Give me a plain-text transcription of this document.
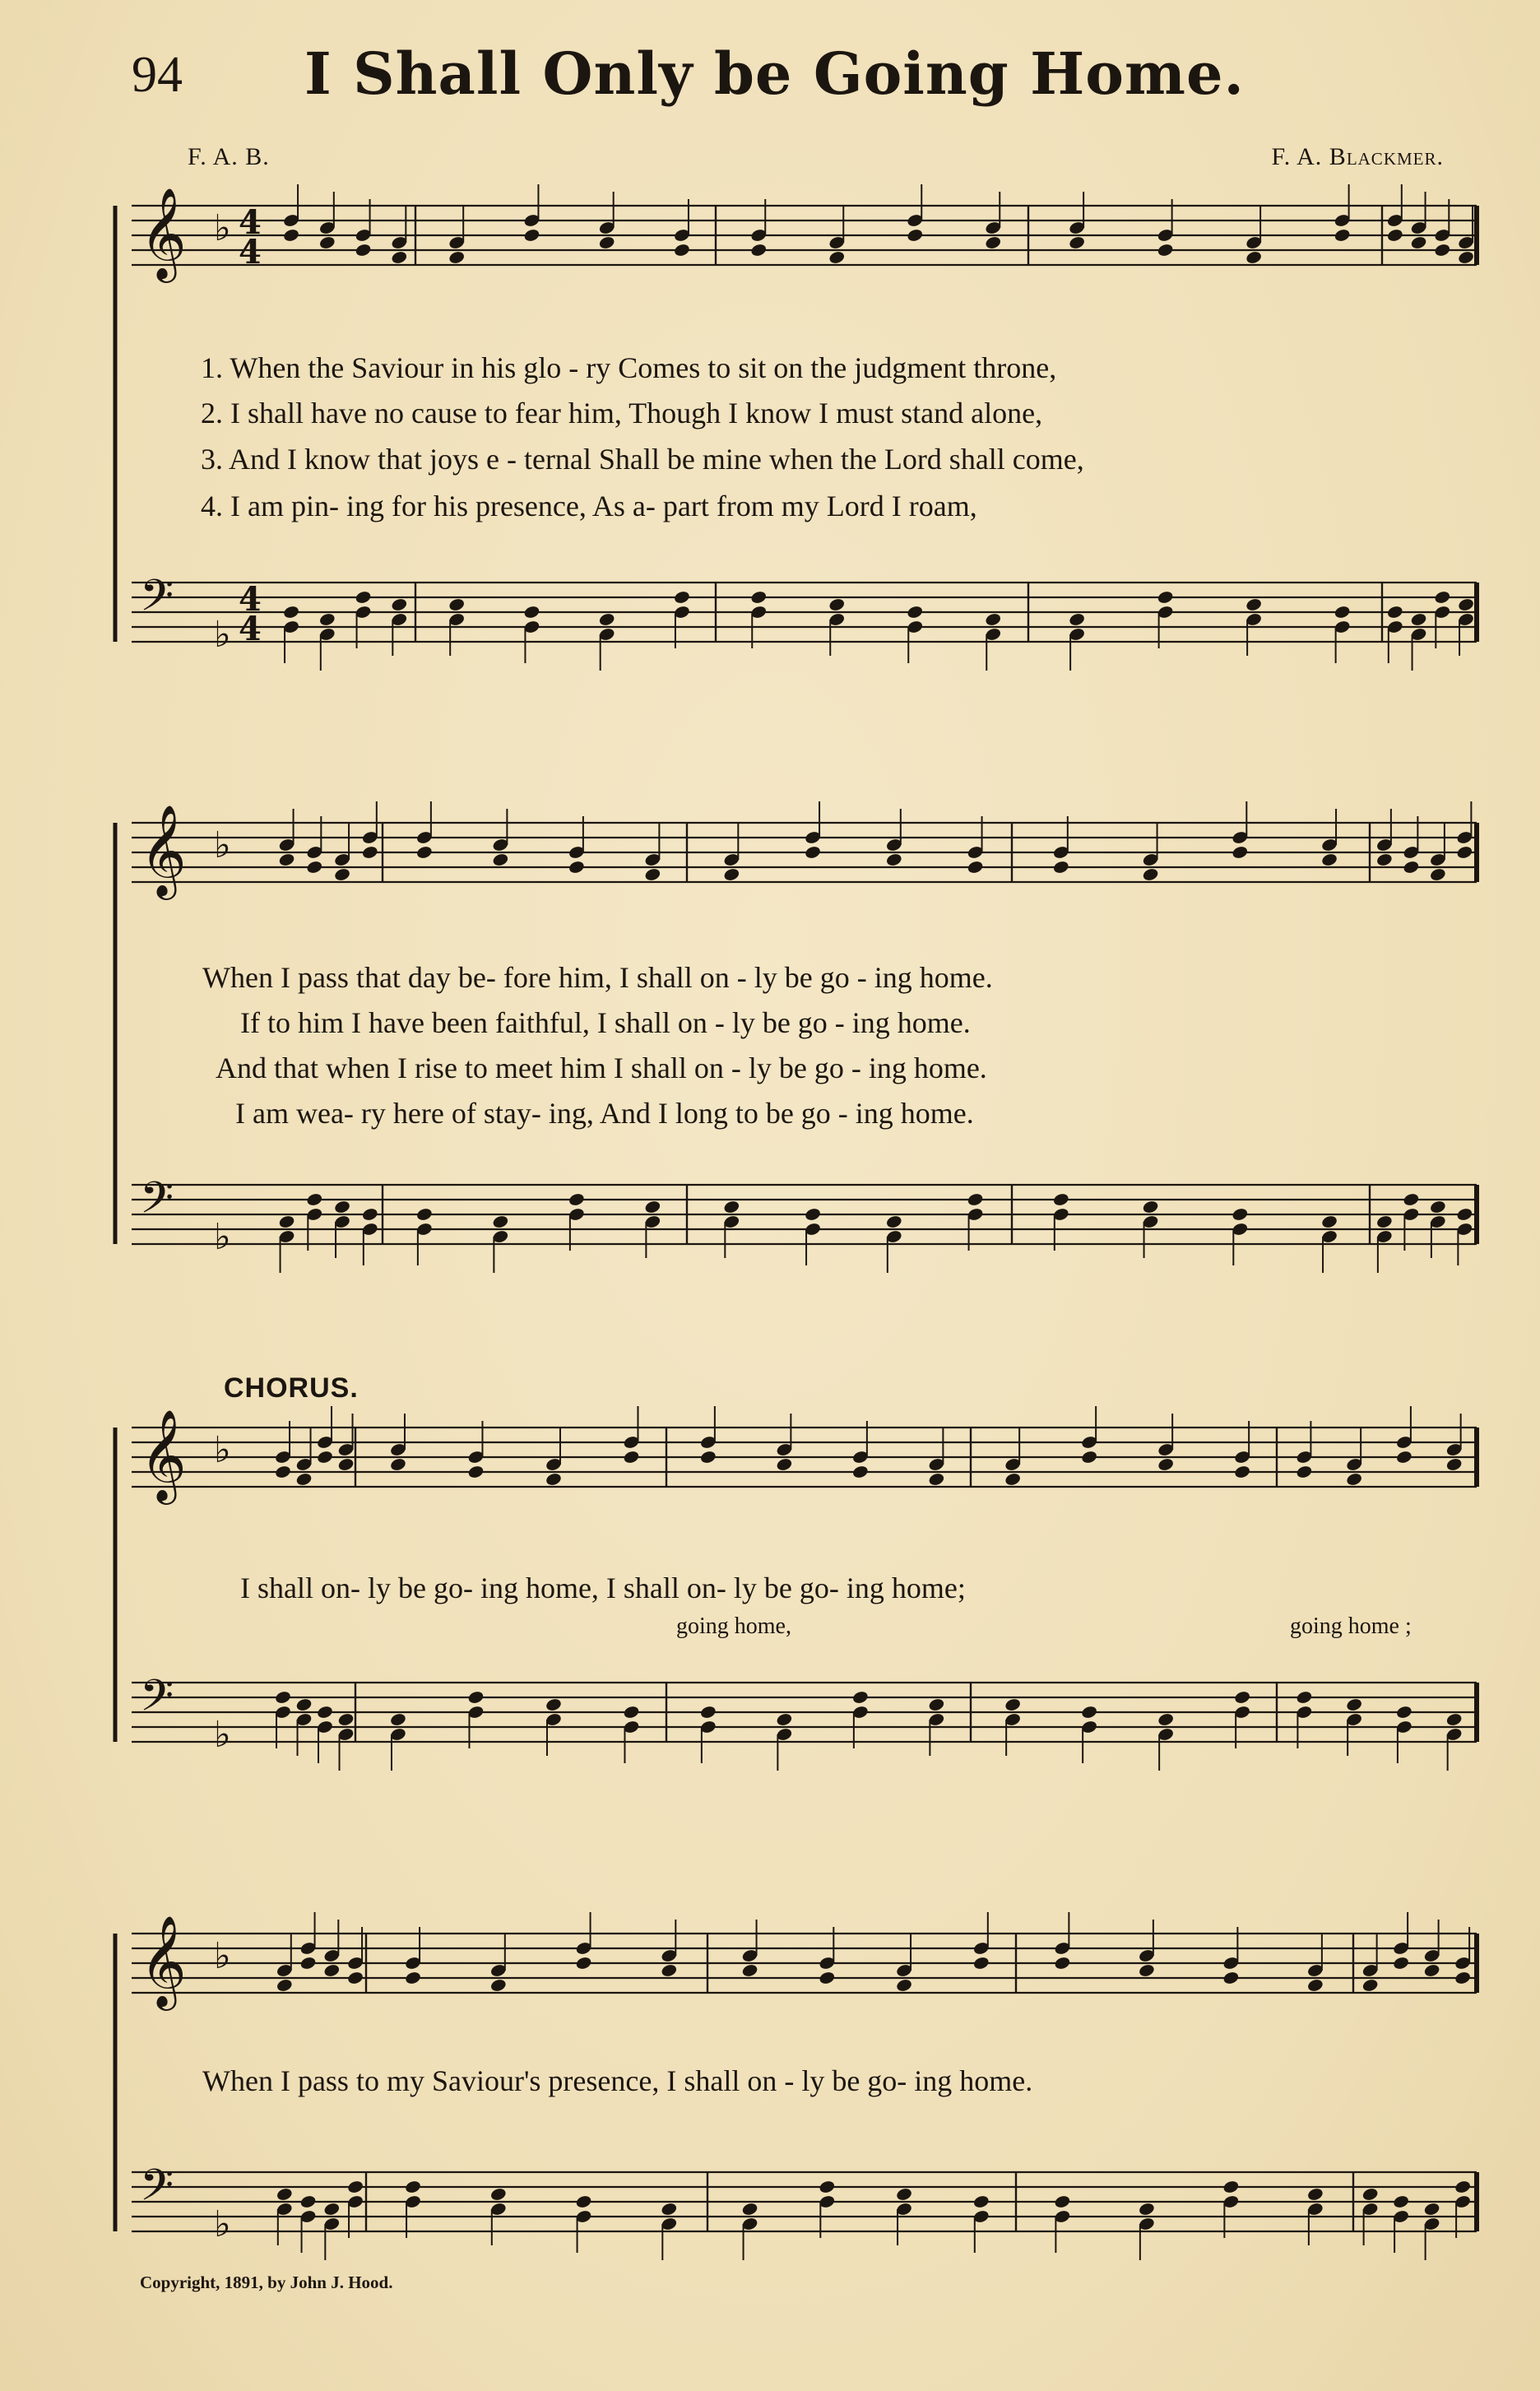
94 I Shall Only be Going Home.
F. A. B.	F. A. Blackmer.
𝄞
𝄢
♭
♭
4
4
4
4
𝄞
𝄢
♭
♭
𝄞
𝄢
♭
♭
𝄞
𝄢
♭
♭
1. When the Saviour in his glo - ry Comes to sit on the judgment throne,
2. I shall have no cause to fear him, Though I know I must stand alone,
3. And I know that joys e - ternal Shall be mine when the Lord shall come,
4. I am pin- ing for his presence, As a- part from my Lord I roam,
When I pass that day be- fore him, I shall on - ly be go - ing home.
If to him I have been faithful, I shall on - ly be go - ing home.
And that when I rise to meet him I shall on - ly be go - ing home.
I am wea- ry here of stay- ing, And I long to be go - ing home.
CHORUS.
I shall on- ly be go- ing home, I shall on- ly be go- ing home;
going home,	going home ;
When I pass to my Saviour's presence, I shall on - ly be go- ing home.
Copyright, 1891, by John J. Hood.
